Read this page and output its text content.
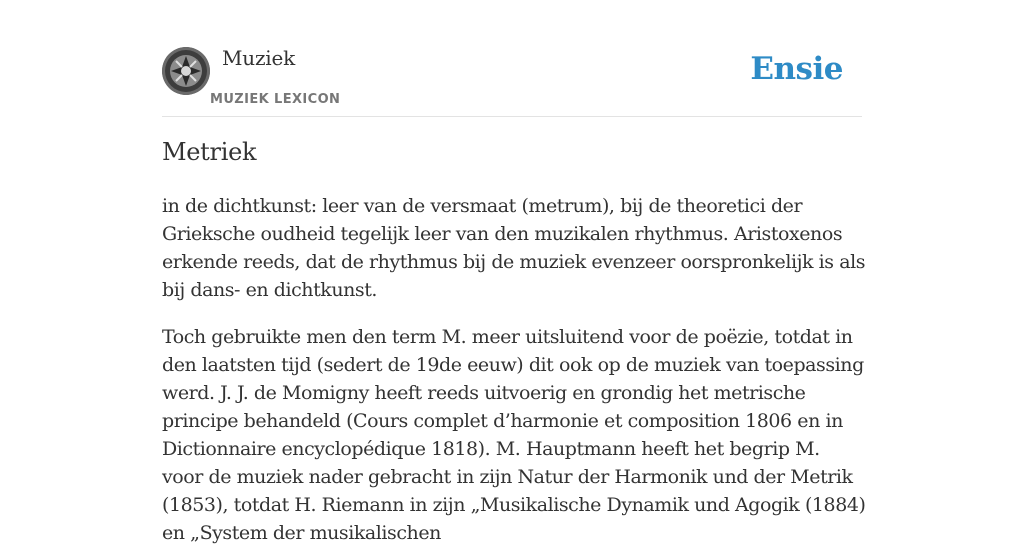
Muziek
MUZIEK LEXICON
Ensie
Metriek

in de dichtkunst: leer van de versmaat (metrum), bij de theoretici der Grieksche oudheid tegelijk leer van den muzikalen rhythmus. Aristoxenos erkende reeds, dat de rhythmus bij de muziek evenzeer oorspronkelijk is als bij dans- en dichtkunst.

Toch gebruikte men den term M. meer uitsluitend voor de poëzie, totdat in den laatsten tijd (sedert de 19de eeuw) dit ook op de muziek van toepassing werd. J. J. de Momigny heeft reeds uitvoerig en grondig het metrische principe behandeld (Cours complet d’harmonie et composition 1806 en in Dictionnaire encyclopédique 1818). M. Hauptmann heeft het begrip M. voor de muziek nader gebracht in zijn Natur der Harmonik und der Metrik (1853), totdat H. Riemann in zijn „Musikalische Dynamik und Agogik (1884) en „System der musikalischen
